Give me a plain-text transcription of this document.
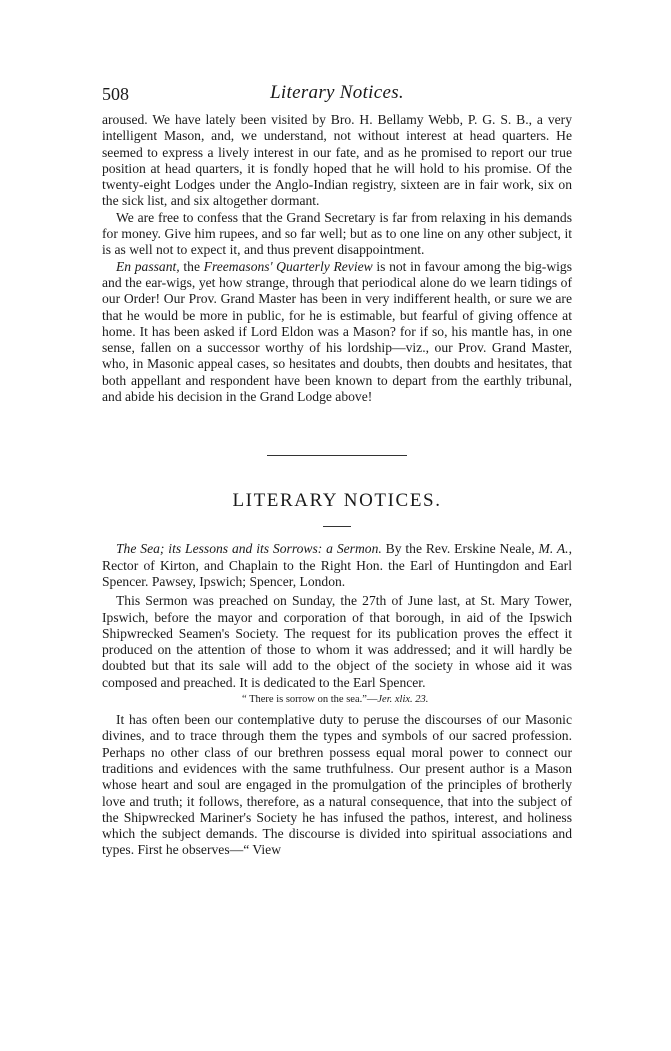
508	Literary Notices.

aroused. We have lately been visited by Bro. H. Bellamy Webb, P. G. S. B., a very intelligent Mason, and, we understand, not without interest at head quarters. He seemed to express a lively interest in our fate, and as he promised to report our true position at head quarters, it is fondly hoped that he will hold to his promise. Of the twenty-eight Lodges under the Anglo-Indian registry, sixteen are in fair work, six on the sick list, and six altogether dormant.

We are free to confess that the Grand Secretary is far from relaxing in his demands for money. Give him rupees, and so far well; but as to one line on any other subject, it is as well not to expect it, and thus prevent disappointment.

En passant, the Freemasons' Quarterly Review is not in favour among the big-wigs and the ear-wigs, yet how strange, through that periodical alone do we learn tidings of our Order! Our Prov. Grand Master has been in very indifferent health, or sure we are that he would be more in public, for he is estimable, but fearful of giving offence at home. It has been asked if Lord Eldon was a Mason? for if so, his mantle has, in one sense, fallen on a successor worthy of his lordship—viz., our Prov. Grand Master, who, in Masonic appeal cases, so hesitates and doubts, then doubts and hesitates, that both appellant and respondent have been known to depart from the earthly tribunal, and abide his decision in the Grand Lodge above!

LITERARY NOTICES.

The Sea; its Lessons and its Sorrows: a Sermon. By the Rev. Erskine Neale, M. A., Rector of Kirton, and Chaplain to the Right Hon. the Earl of Huntingdon and Earl Spencer. Pawsey, Ipswich; Spencer, London.

This Sermon was preached on Sunday, the 27th of June last, at St. Mary Tower, Ipswich, before the mayor and corporation of that borough, in aid of the Ipswich Shipwrecked Seamen's Society. The request for its publication proves the effect it produced on the attention of those to whom it was addressed; and it will hardly be doubted but that its sale will add to the object of the society in whose aid it was composed and preached. It is dedicated to the Earl Spencer.

“ There is sorrow on the sea.”—Jer. xlix. 23.

It has often been our contemplative duty to peruse the discourses of our Masonic divines, and to trace through them the types and symbols of our sacred profession. Perhaps no other class of our brethren possess equal moral power to connect our traditions and evidences with the same truthfulness. Our present author is a Mason whose heart and soul are engaged in the promulgation of the principles of brotherly love and truth; it follows, therefore, as a natural consequence, that into the subject of the Shipwrecked Mariner's Society he has infused the pathos, interest, and holiness which the subject demands. The discourse is divided into spiritual associations and types. First he observes—“ View
